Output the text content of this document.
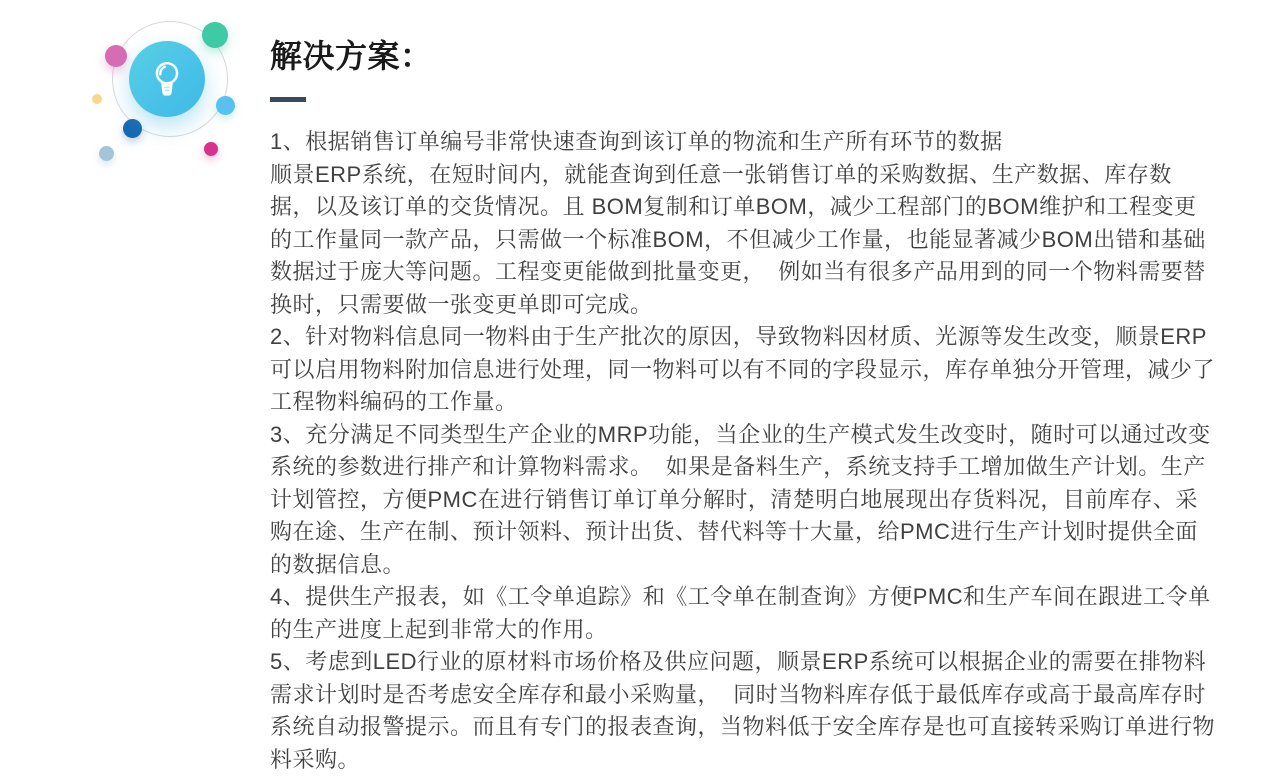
解决方案：

1、根据销售订单编号非常快速查询到该订单的物流和生产所有环节的数据

顺景ERP系统，在短时间内，就能查询到任意一张销售订单的采购数据、生产数据、库存数据，以及该订单的交货情况。且 BOM复制和订单BOM，减少工程部门的BOM维护和工程变更的工作量同一款产品，只需做一个标准BOM，不但减少工作量，也能显著减少BOM出错和基础数据过于庞大等问题。工程变更能做到批量变更，  例如当有很多产品用到的同一个物料需要替换时，只需要做一张变更单即可完成。

2、针对物料信息同一物料由于生产批次的原因，导致物料因材质、光源等发生改变，顺景ERP可以启用物料附加信息进行处理，同一物料可以有不同的字段显示，库存单独分开管理，减少了工程物料编码的工作量。

3、充分满足不同类型生产企业的MRP功能，当企业的生产模式发生改变时，随时可以通过改变系统的参数进行排产和计算物料需求。  如果是备料生产，系统支持手工增加做生产计划。生产计划管控，方便PMC在进行销售订单订单分解时，清楚明白地展现出存货料况，目前库存、采购在途、生产在制、预计领料、预计出货、替代料等十大量，给PMC进行生产计划时提供全面的数据信息。

4、提供生产报表，如《工令单追踪》和《工令单在制查询》方便PMC和生产车间在跟进工令单的生产进度上起到非常大的作用。

5、考虑到LED行业的原材料市场价格及供应问题，顺景ERP系统可以根据企业的需要在排物料需求计划时是否考虑安全库存和最小采购量，  同时当物料库存低于最低库存或高于最高库存时系统自动报警提示。而且有专门的报表查询，当物料低于安全库存是也可直接转采购订单进行物料采购。
